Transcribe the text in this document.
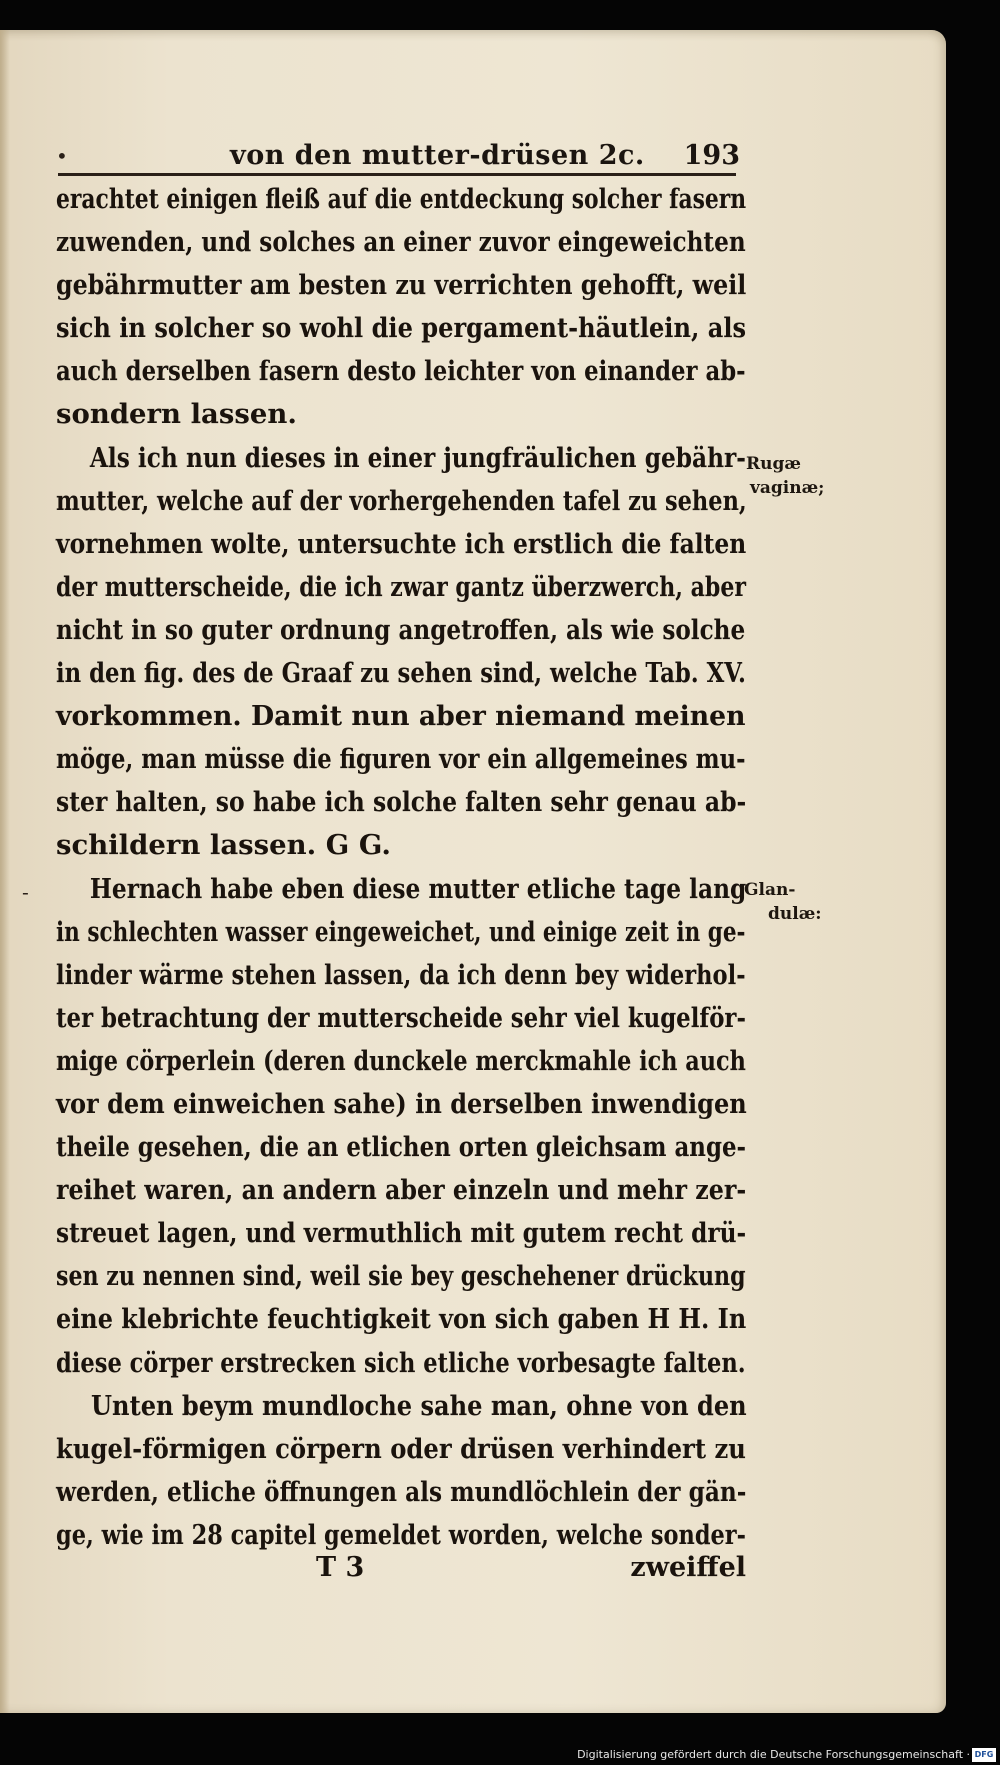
•	von den mutter-drüsen 2c. 193
erachtet einigen fleiß auf die entdeckung solcher fasern
zuwenden, und solches an einer zuvor eingeweichten
gebährmutter am besten zu verrichten gehofft, weil
sich in solcher so wohl die pergament-häutlein, als
auch derselben fasern desto leichter von einander ab-
sondern lassen.
Als ich nun dieses in einer jungfräulichen gebähr-
mutter, welche auf der vorhergehenden tafel zu sehen,
vornehmen wolte, untersuchte ich erstlich die falten
der mutterscheide, die ich zwar gantz überzwerch, aber
nicht in so guter ordnung angetroffen, als wie solche
in den fig. des de Graaf zu sehen sind, welche Tab. XV.
vorkommen. Damit nun aber niemand meinen
möge, man müsse die figuren vor ein allgemeines mu-
ster halten, so habe ich solche falten sehr genau ab-
schildern lassen. G G.
Hernach habe eben diese mutter etliche tage lang
in schlechten wasser eingeweichet, und einige zeit in ge-
linder wärme stehen lassen, da ich denn bey widerhol-
ter betrachtung der mutterscheide sehr viel kugelför-
mige cörperlein (deren dunckele merckmahle ich auch
vor dem einweichen sahe) in derselben inwendigen
theile gesehen, die an etlichen orten gleichsam ange-
reihet waren, an andern aber einzeln und mehr zer-
streuet lagen, und vermuthlich mit gutem recht drü-
sen zu nennen sind, weil sie bey geschehener drückung
eine klebrichte feuchtigkeit von sich gaben H H. In
diese cörper erstrecken sich etliche vorbesagte falten.
Unten beym mundloche sahe man, ohne von den
kugel-förmigen cörpern oder drüsen verhindert zu
werden, etliche öffnungen als mundlöchlein der gän-
ge, wie im 28 capitel gemeldet worden, welche sonder-
Rugæ
vaginæ;
Glan-
dulæ:
-
T 3	zweiffel
Digitalisierung gefördert durch die Deutsche Forschungsgemeinschaft · DFG
